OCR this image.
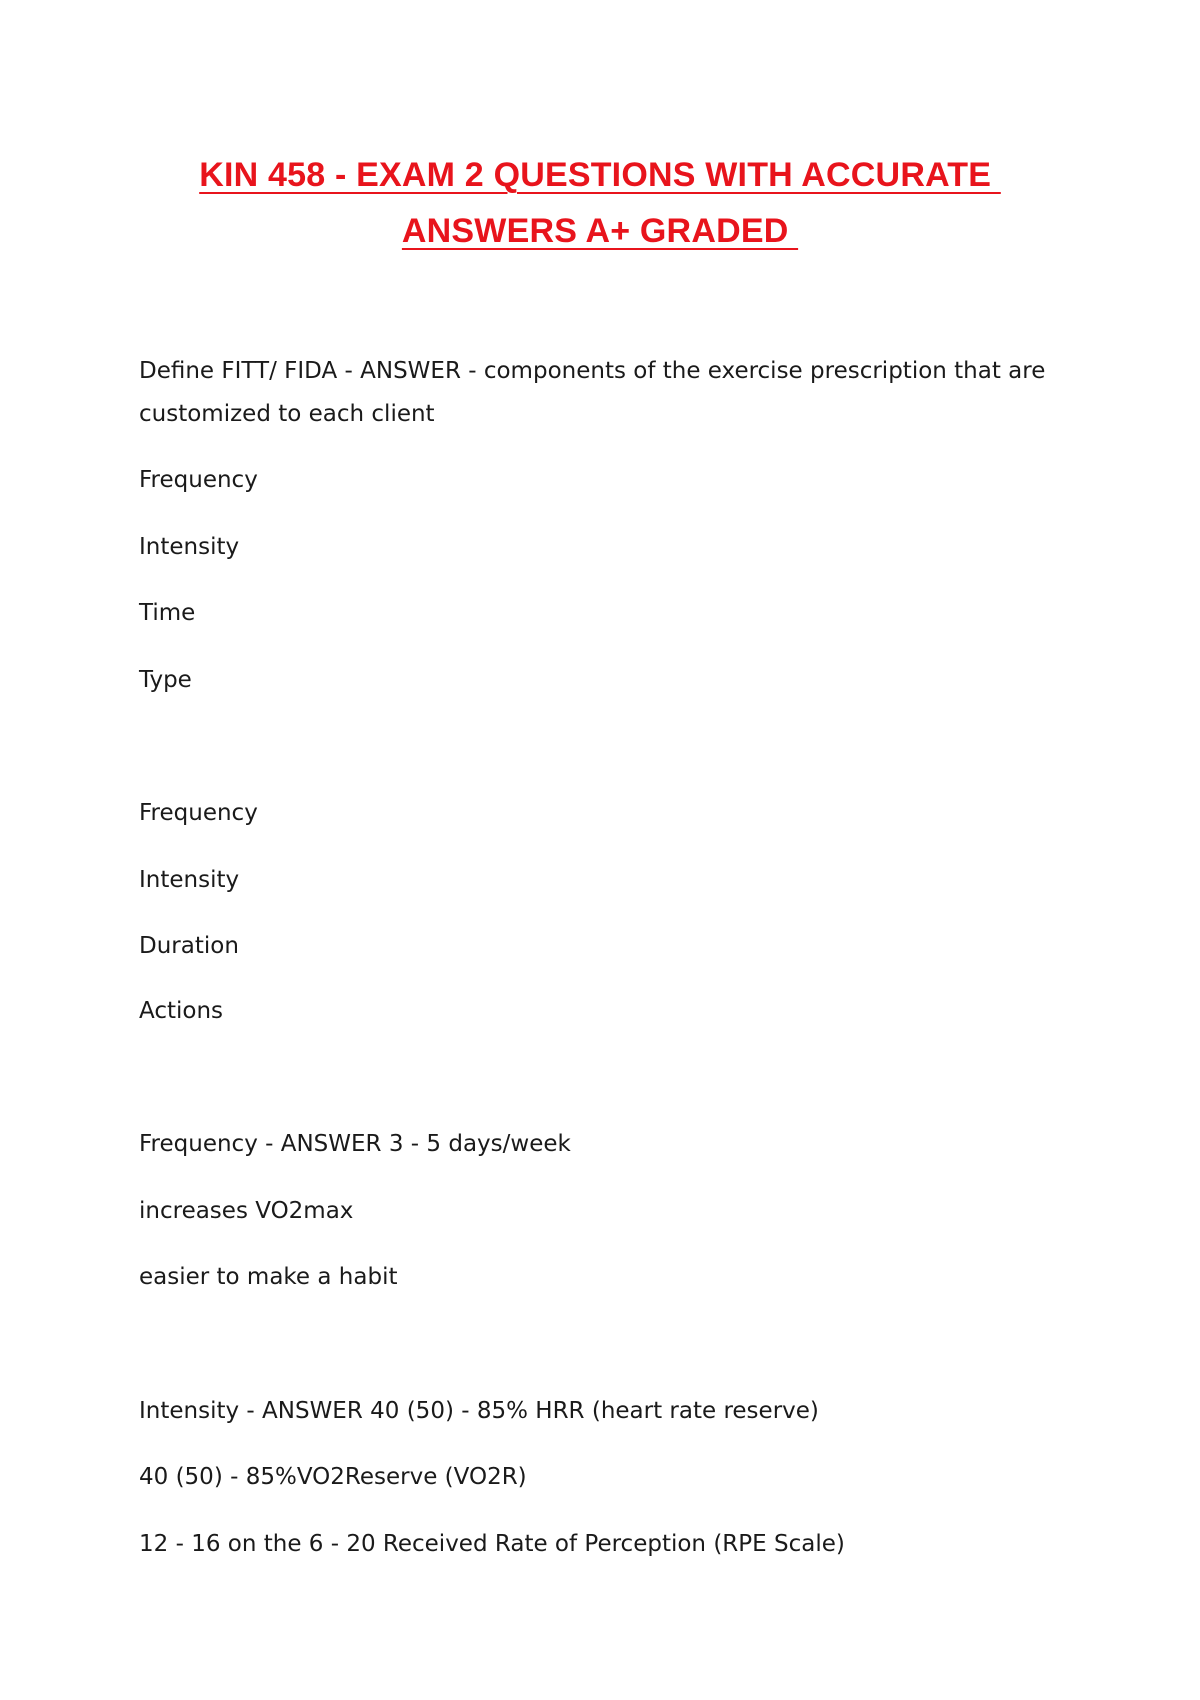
KIN 458 - EXAM 2 QUESTIONS WITH ACCURATE
ANSWERS A+ GRADED
Define FITT/ FIDA - ANSWER - components of the exercise prescription that are
customized to each client
Frequency
Intensity
Time
Type
Frequency
Intensity
Duration
Actions
Frequency - ANSWER 3 - 5 days/week
increases VO2max
easier to make a habit
Intensity - ANSWER 40 (50) - 85% HRR (heart rate reserve)
40 (50) - 85%VO2Reserve (VO2R)
12 - 16 on the 6 - 20 Received Rate of Perception (RPE Scale)
